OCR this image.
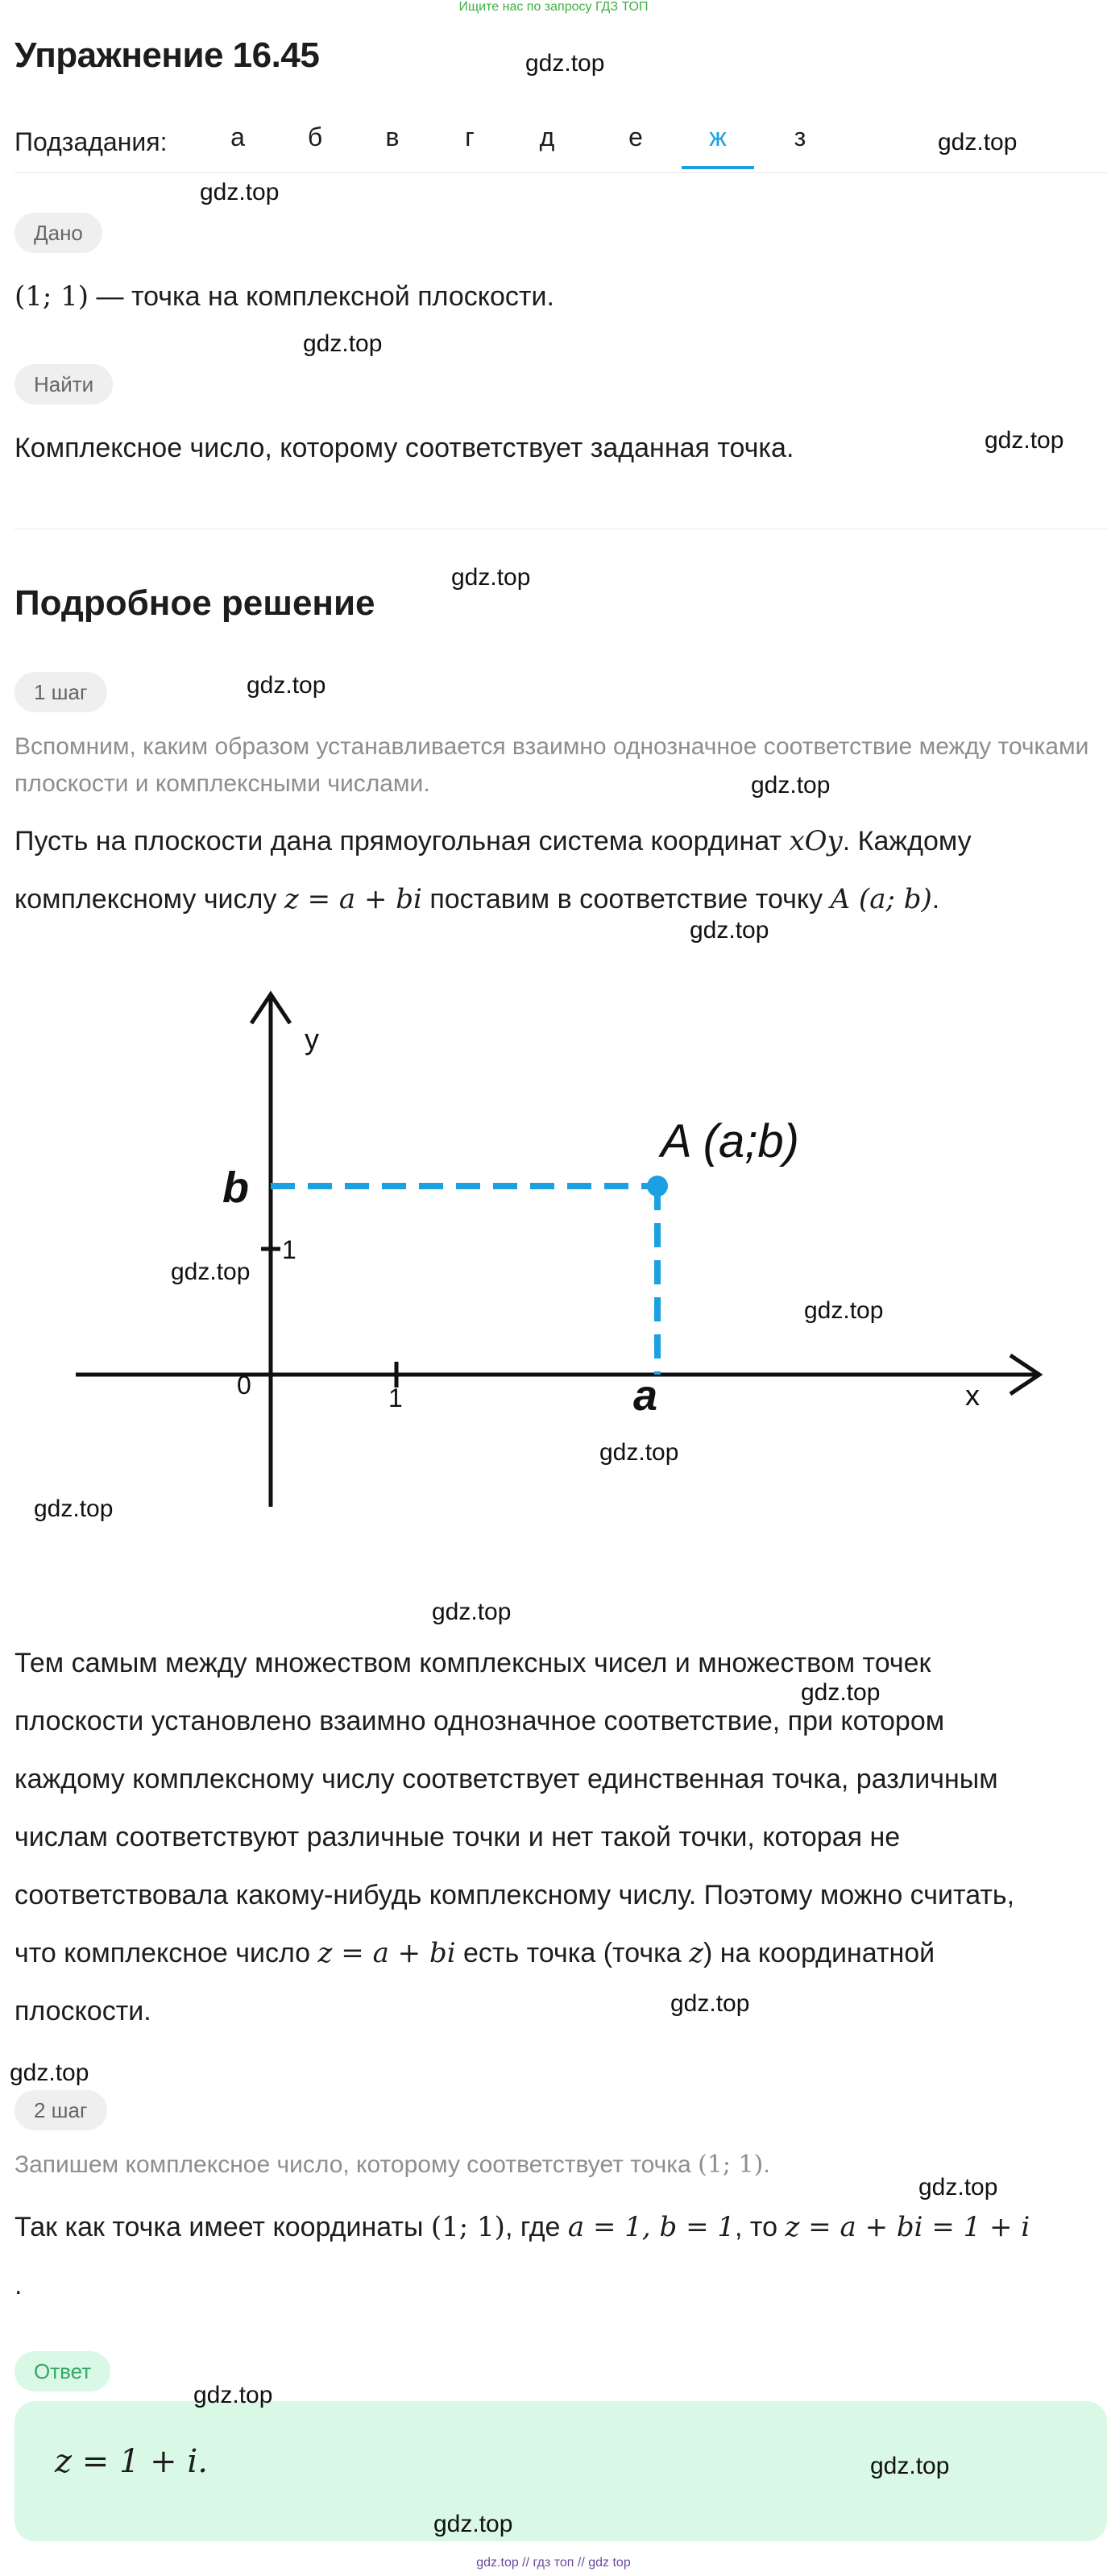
Ищите нас по запросу ГДЗ ТОП
Упражнение 16.45
Подзадания:	а	б	в	г	д	е	ж	з
Дано
(1; 1) — точка на комплексной плоскости.
Найти
Комплексное число, которому соответствует заданная точка.
Подробное решение
1 шаг
Вспомним, каким образом устанавливается взаимно однозначное соответствие между точками плоскости и комплексными числами.
Пусть на плоскости дана прямоугольная система координат xOy. Каждому
комплексному числу z = a + bi поставим в соответствие точку A (a; b).
y
x
0	1
1
b
a
A (a;b)
Тем самым между множеством комплексных чисел и множеством точек
плоскости установлено взаимно однозначное соответствие, при котором
каждому комплексному числу соответствует единственная точка, различным
числам соответствуют различные точки и нет такой точки, которая не
соответствовала какому-нибудь комплексному числу. Поэтому можно считать,
что комплексное число z = a + bi есть точка (точка z) на координатной
плоскости.
2 шаг
Запишем комплексное число, которому соответствует точка (1; 1).
Так как точка имеет координаты (1; 1), где a = 1, b = 1, то z = a + bi = 1 + i
.
Ответ
z = 1 + i.
gdz.top
gdz.top
gdz.top
gdz.top
gdz.top
gdz.top
gdz.top
gdz.top
gdz.top
gdz.top
gdz.top
gdz.top
gdz.top
gdz.top
gdz.top
gdz.top
gdz.top
gdz.top
gdz.top
gdz.top
gdz.top
gdz.top // гдз топ // gdz top
